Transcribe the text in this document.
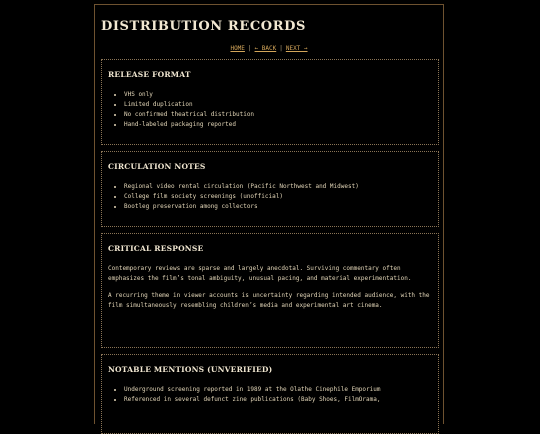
DISTRIBUTION RECORDS
HOME | ← BACK | NEXT →
RELEASE FORMAT
• VHS only
• Limited duplication
• No confirmed theatrical distribution
• Hand-labeled packaging reported
CIRCULATION NOTES
• Regional video rental circulation (Pacific Northwest and Midwest)
• College film society screenings (unofficial)
• Bootleg preservation among collectors
CRITICAL RESPONSE

Contemporary reviews are sparse and largely anecdotal. Surviving commentary often emphasizes the film’s tonal ambiguity, unusual pacing, and material experimentation.

A recurring theme in viewer accounts is uncertainty regarding intended audience, with the film simultaneously resembling children’s media and experimental art cinema.

NOTABLE MENTIONS (UNVERIFIED)
• Underground screening reported in 1989 at the Olathe Cinephile Emporium
• Referenced in several defunct zine publications (Baby Shoes, FilmOrama,
